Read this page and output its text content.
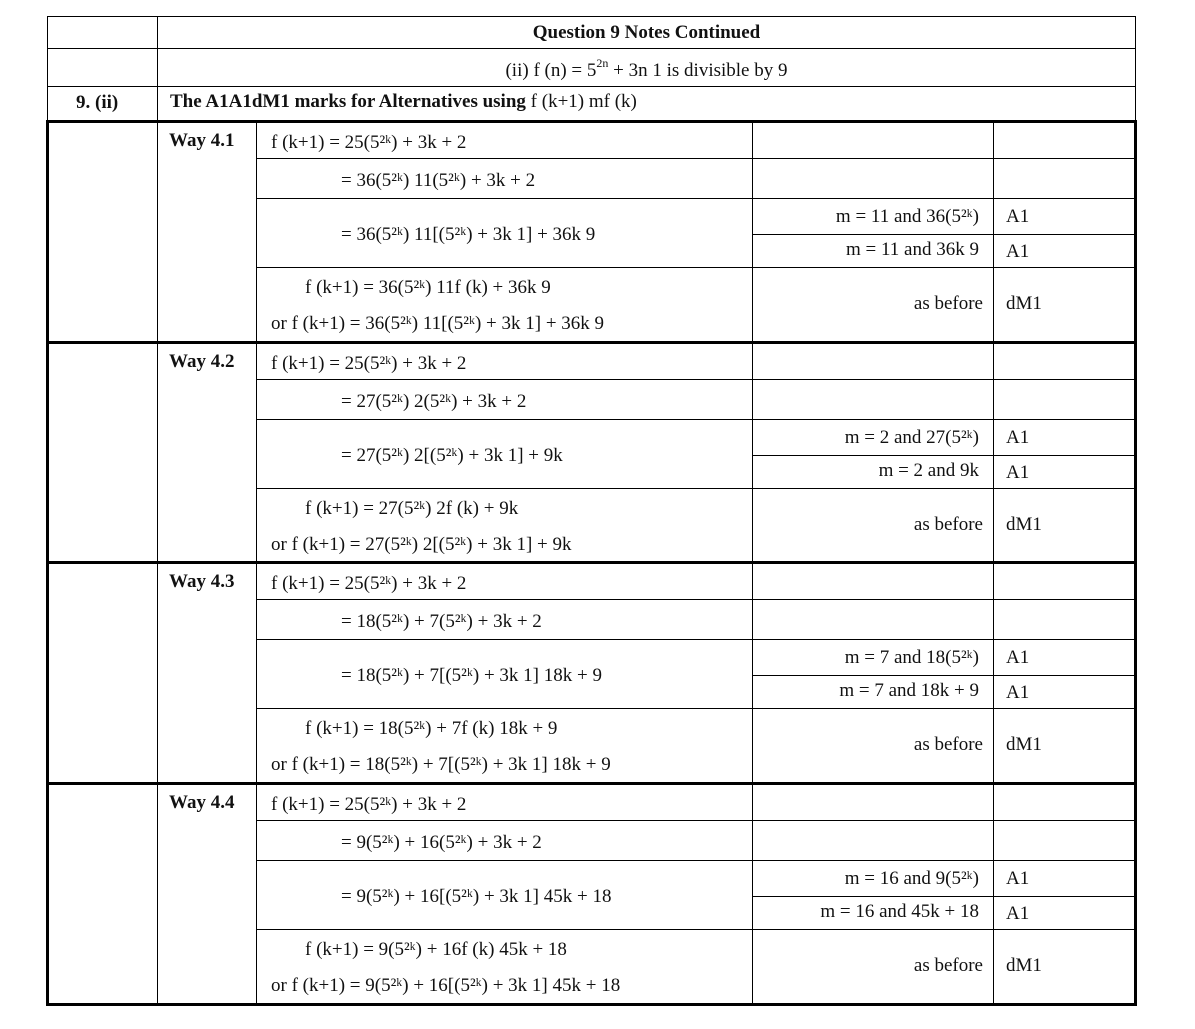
Question 9 Notes Continued
(ii) f $(n) = 5^{2n} + 3n$ 1 is divisible by 9
9. (ii)	The A1A1dM1 marks for Alternatives using f (k+1) mf (k)
Way 4.1 f (k+1) = 25(5²ᵏ) + 3k + 2
= 36(5²ᵏ) 11(5²ᵏ) + 3k + 2
= 36(5²ᵏ) 11[(5²ᵏ) + 3k 1] + 36k 9
m = 11 and 36(5²ᵏ)
m = 11 and 36k 9
A1
A1
f (k+1) = 36(5²ᵏ) 11f (k) + 36k 9
or f (k+1) = 36(5²ᵏ) 11[(5²ᵏ) + 3k 1] + 36k 9
as before dM1
Way 4.2 f (k+1) = 25(5²ᵏ) + 3k + 2
= 27(5²ᵏ) 2(5²ᵏ) + 3k + 2
= 27(5²ᵏ) 2[(5²ᵏ) + 3k 1] + 9k
m = 2 and 27(5²ᵏ)
m = 2 and 9k
A1
A1
f (k+1) = 27(5²ᵏ) 2f (k) + 9k
or f (k+1) = 27(5²ᵏ) 2[(5²ᵏ) + 3k 1] + 9k
as before dM1
Way 4.3 f (k+1) = 25(5²ᵏ) + 3k + 2
= 18(5²ᵏ) + 7(5²ᵏ) + 3k + 2
= 18(5²ᵏ) + 7[(5²ᵏ) + 3k 1] 18k + 9
m = 7 and 18(5²ᵏ)
m = 7 and 18k + 9
A1
A1
f (k+1) = 18(5²ᵏ) + 7f (k) 18k + 9
or f (k+1) = 18(5²ᵏ) + 7[(5²ᵏ) + 3k 1] 18k + 9
as before dM1
Way 4.4 f (k+1) = 25(5²ᵏ) + 3k + 2
= 9(5²ᵏ) + 16(5²ᵏ) + 3k + 2
= 9(5²ᵏ) + 16[(5²ᵏ) + 3k 1] 45k + 18
m = 16 and 9(5²ᵏ)
m = 16 and 45k + 18
A1
A1
f (k+1) = 9(5²ᵏ) + 16f (k) 45k + 18
or f (k+1) = 9(5²ᵏ) + 16[(5²ᵏ) + 3k 1] 45k + 18
as before dM1
